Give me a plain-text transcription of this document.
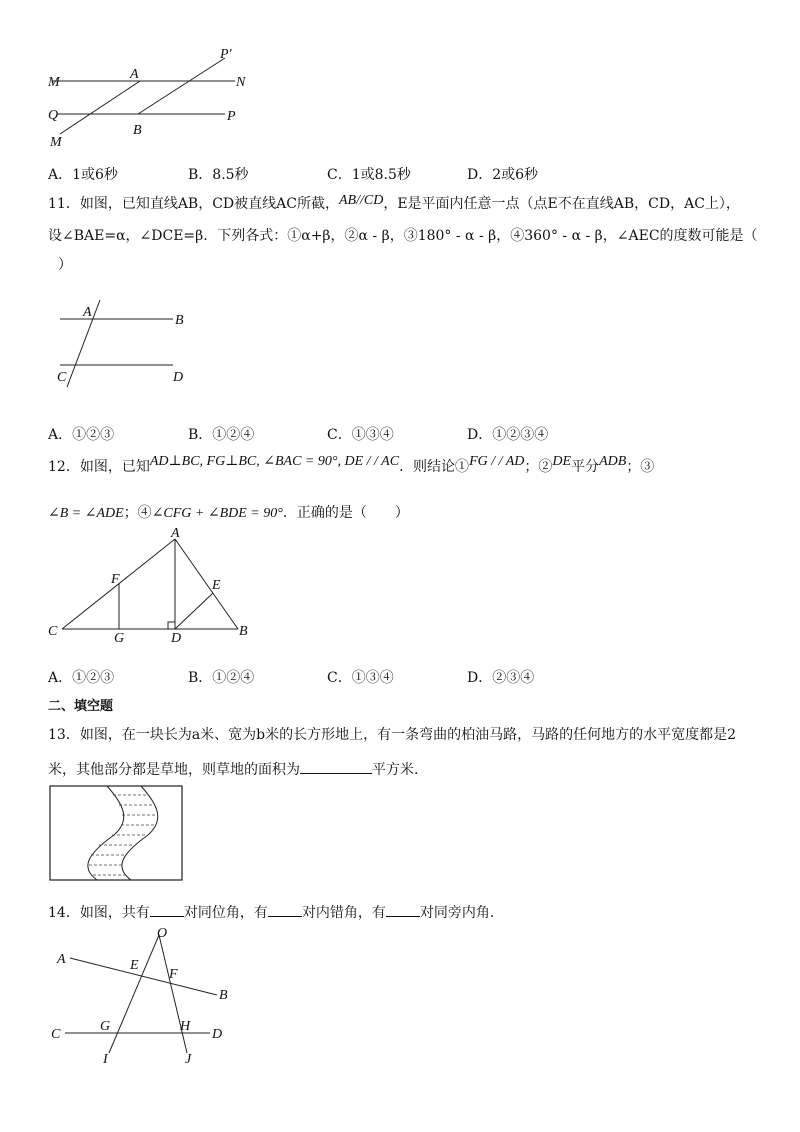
M
A
P′
N
Q
B
P
M
A．1或6秒	B．8.5秒	C．1或8.5秒	D．2或6秒
11．如图，已知直线AB，CD被直线AC所截，AB//CD，E是平面内任意一点（点E不在直线AB，CD，AC上），
设∠BAE=α，∠DCE=β．下列各式：①α+β，②α - β，③180° - α - β，④360° - α - β，∠AEC的度数可能是（
）
A
B
C	D
A．①②③	B．①②④	C．①③④	D．①②③④
12．如图，已知AD⊥BC, FG⊥BC, ∠BAC = 90°, DE / / AC．则结论①FG / / AD；②DE平分ADB；③
∠B = ∠ADE；④∠CFG + ∠BDE = 90°．正确的是（　　）
A
F	E
C	G	D	B
A．①②③	B．①②④	C．①③④	D．②③④
二、填空题
13．如图，在一块长为a米、宽为b米的长方形地上，有一条弯曲的柏油马路，马路的任何地方的水平宽度都是2
米，其他部分都是草地，则草地的面积为	平方米.
14．如图，共有 对同位角，有 对内错角，有 对同旁内角.
O
A	E
F
B
C
G	H
D
I	J
